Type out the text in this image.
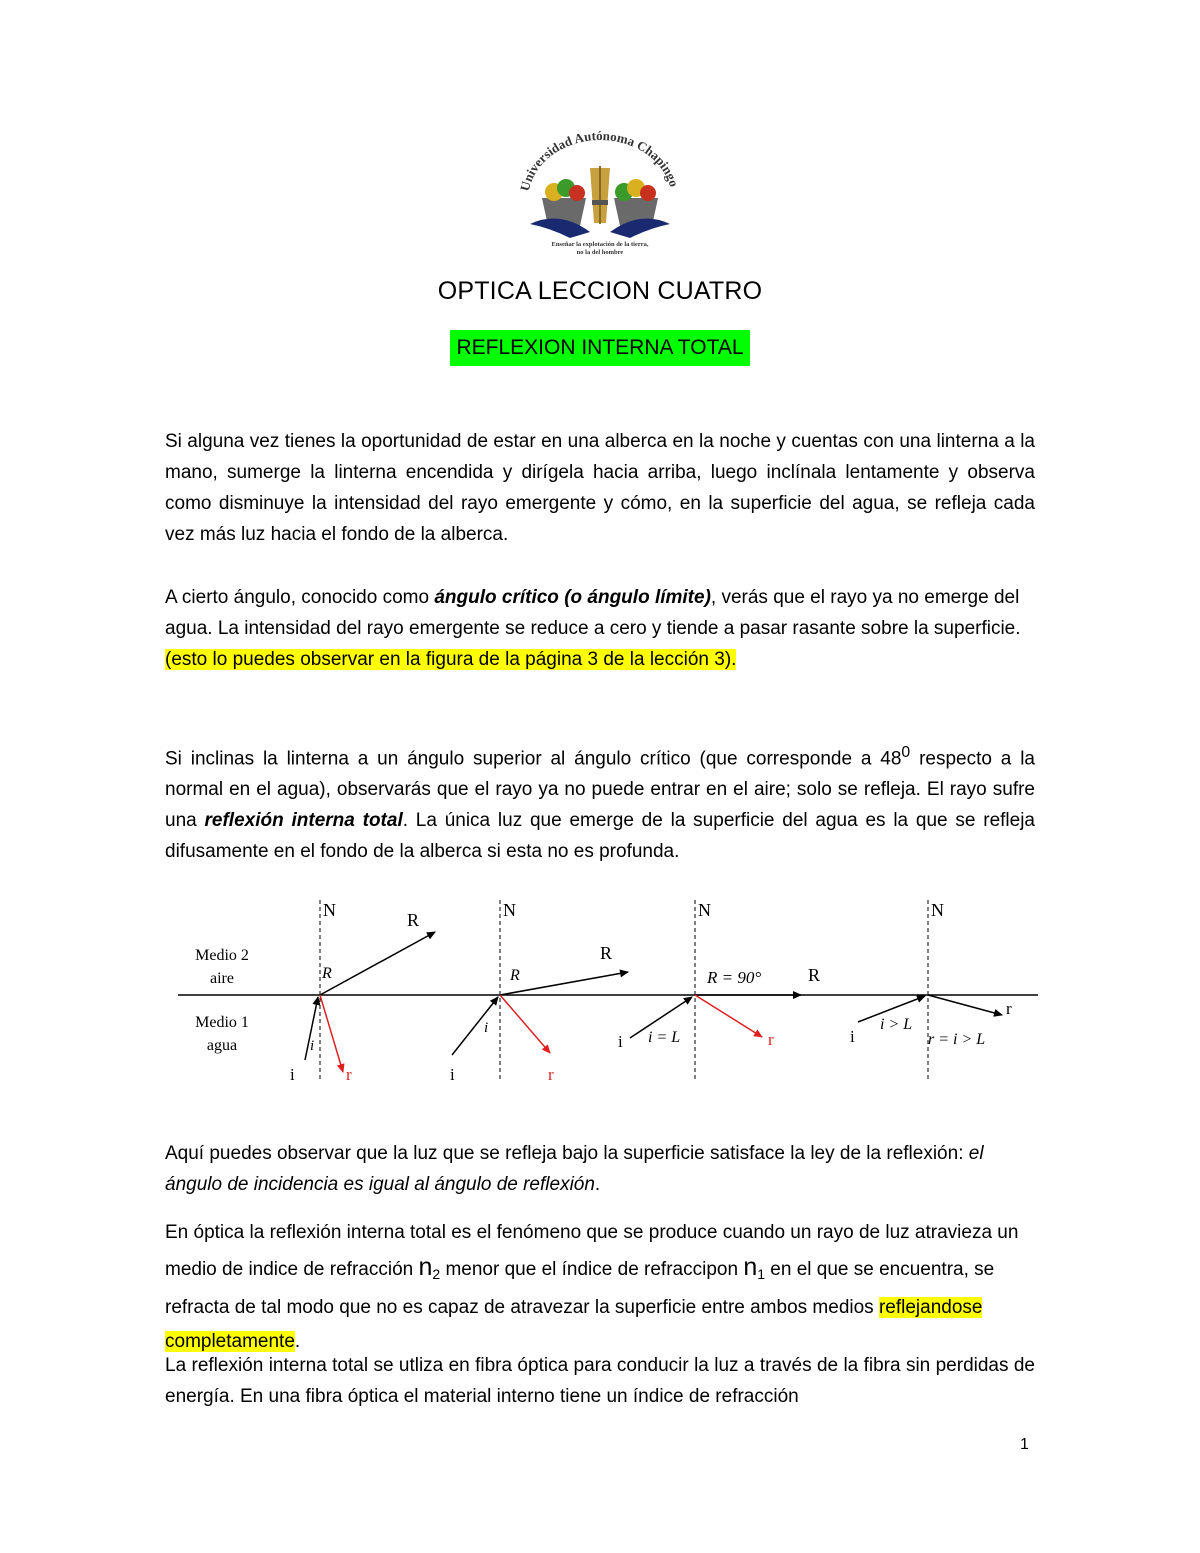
Universidad Autónoma Chapingo
Enseñar la explotación de la tierra,
no la del hombre
OPTICA LECCION CUATRO
REFLEXION INTERNA TOTAL

Si alguna vez tienes la oportunidad de estar en una alberca en la noche y cuentas con una linterna a la mano, sumerge la linterna encendida y dirígela hacia arriba, luego inclínala lentamente y observa como disminuye la intensidad del rayo emergente y cómo, en la superficie del agua, se refleja cada vez más luz hacia el fondo de la alberca.

A cierto ángulo, conocido como ángulo crítico (o ángulo límite), verás que el rayo ya no emerge del agua. La intensidad del rayo emergente se reduce a cero y tiende a pasar rasante sobre la superficie.
(esto lo puedes observar en la figura de la página 3 de la lección 3).

Si inclinas la linterna a un ángulo superior al ángulo crítico (que corresponde a $48^0$ respecto a la normal en el agua), observarás que el rayo ya no puede entrar en el aire; solo se refleja. El rayo sufre una reflexión interna total. La única luz que emerge de la superficie del agua es la que se refleja difusamente en el fondo de la alberca si esta no es profunda.

Medio 2
aire
Medio 1
agua
N	N	N	N
i
i
r
R
R
i
i
r
R
R
i i = L	r
R = 90°	R
i
i > L
r
r = i > L

Aquí puedes observar que la luz que se refleja bajo la superficie satisface la ley de la reflexión: el ángulo de incidencia es igual al ángulo de reflexión.

En óptica la reflexión interna total es el fenómeno que se produce cuando un rayo de luz atravieza un medio de indice de refracción $n_2$ menor que el índice de refraccipon $n_1$ en el que se encuentra, se refracta de tal modo que no es capaz de atravezar la superficie entre ambos medios reflejandose completamente.

La reflexión interna total se utliza en fibra óptica para conducir la luz a través de la fibra sin perdidas de energía. En una fibra óptica el material interno tiene un índice de refracción

1
